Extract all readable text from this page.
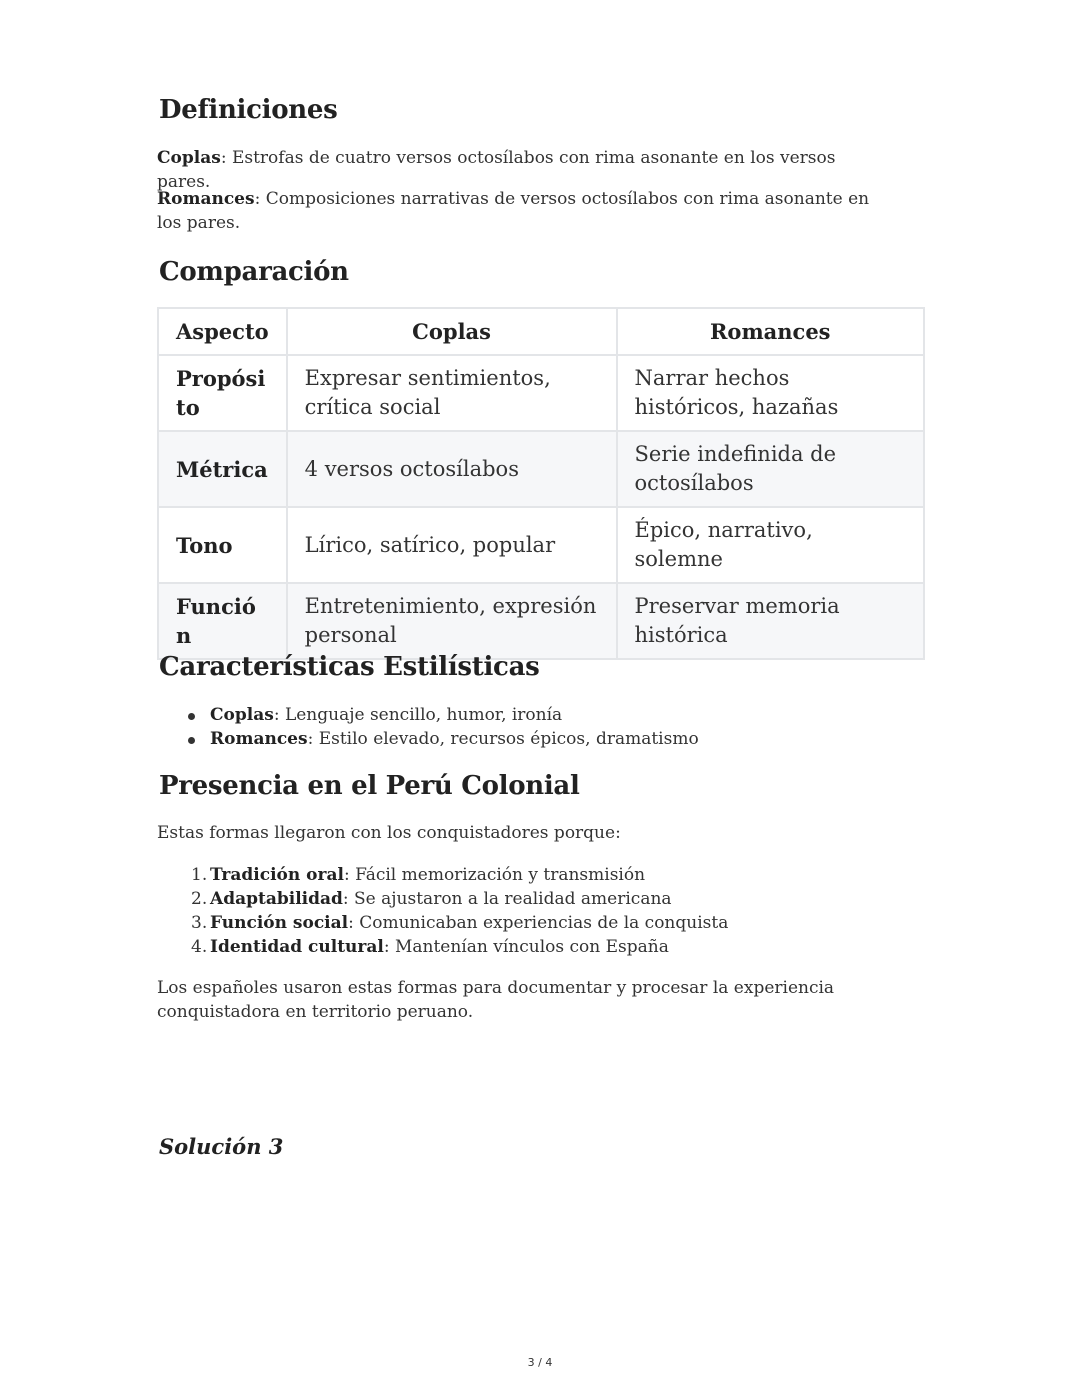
Definiciones

Coplas: Estrofas de cuatro versos octosílabos con rima asonante en los versos pares.

Romances: Composiciones narrativas de versos octosílabos con rima asonante en los pares.

Comparación
Aspecto	Coplas	Romances
Propósito	Expresar sentimientos, crítica social	Narrar hechos históricos, hazañas
Métrica	4 versos octosílabos	Serie indefinida de octosílabos
Tono	Lírico, satírico, popular	Épico, narrativo, solemne
Función	Entretenimiento, expresión personal	Preservar memoria histórica
Características Estilísticas
Coplas: Lenguaje sencillo, humor, ironía
Romances: Estilo elevado, recursos épicos, dramatismo
Presencia en el Perú Colonial

Estas formas llegaron con los conquistadores porque:

1. Tradición oral: Fácil memorización y transmisión
2. Adaptabilidad: Se ajustaron a la realidad americana
3. Función social: Comunicaban experiencias de la conquista
4. Identidad cultural: Mantenían vínculos con España

Los españoles usaron estas formas para documentar y procesar la experiencia conquistadora en territorio peruano.

Solución 3
3 / 4
